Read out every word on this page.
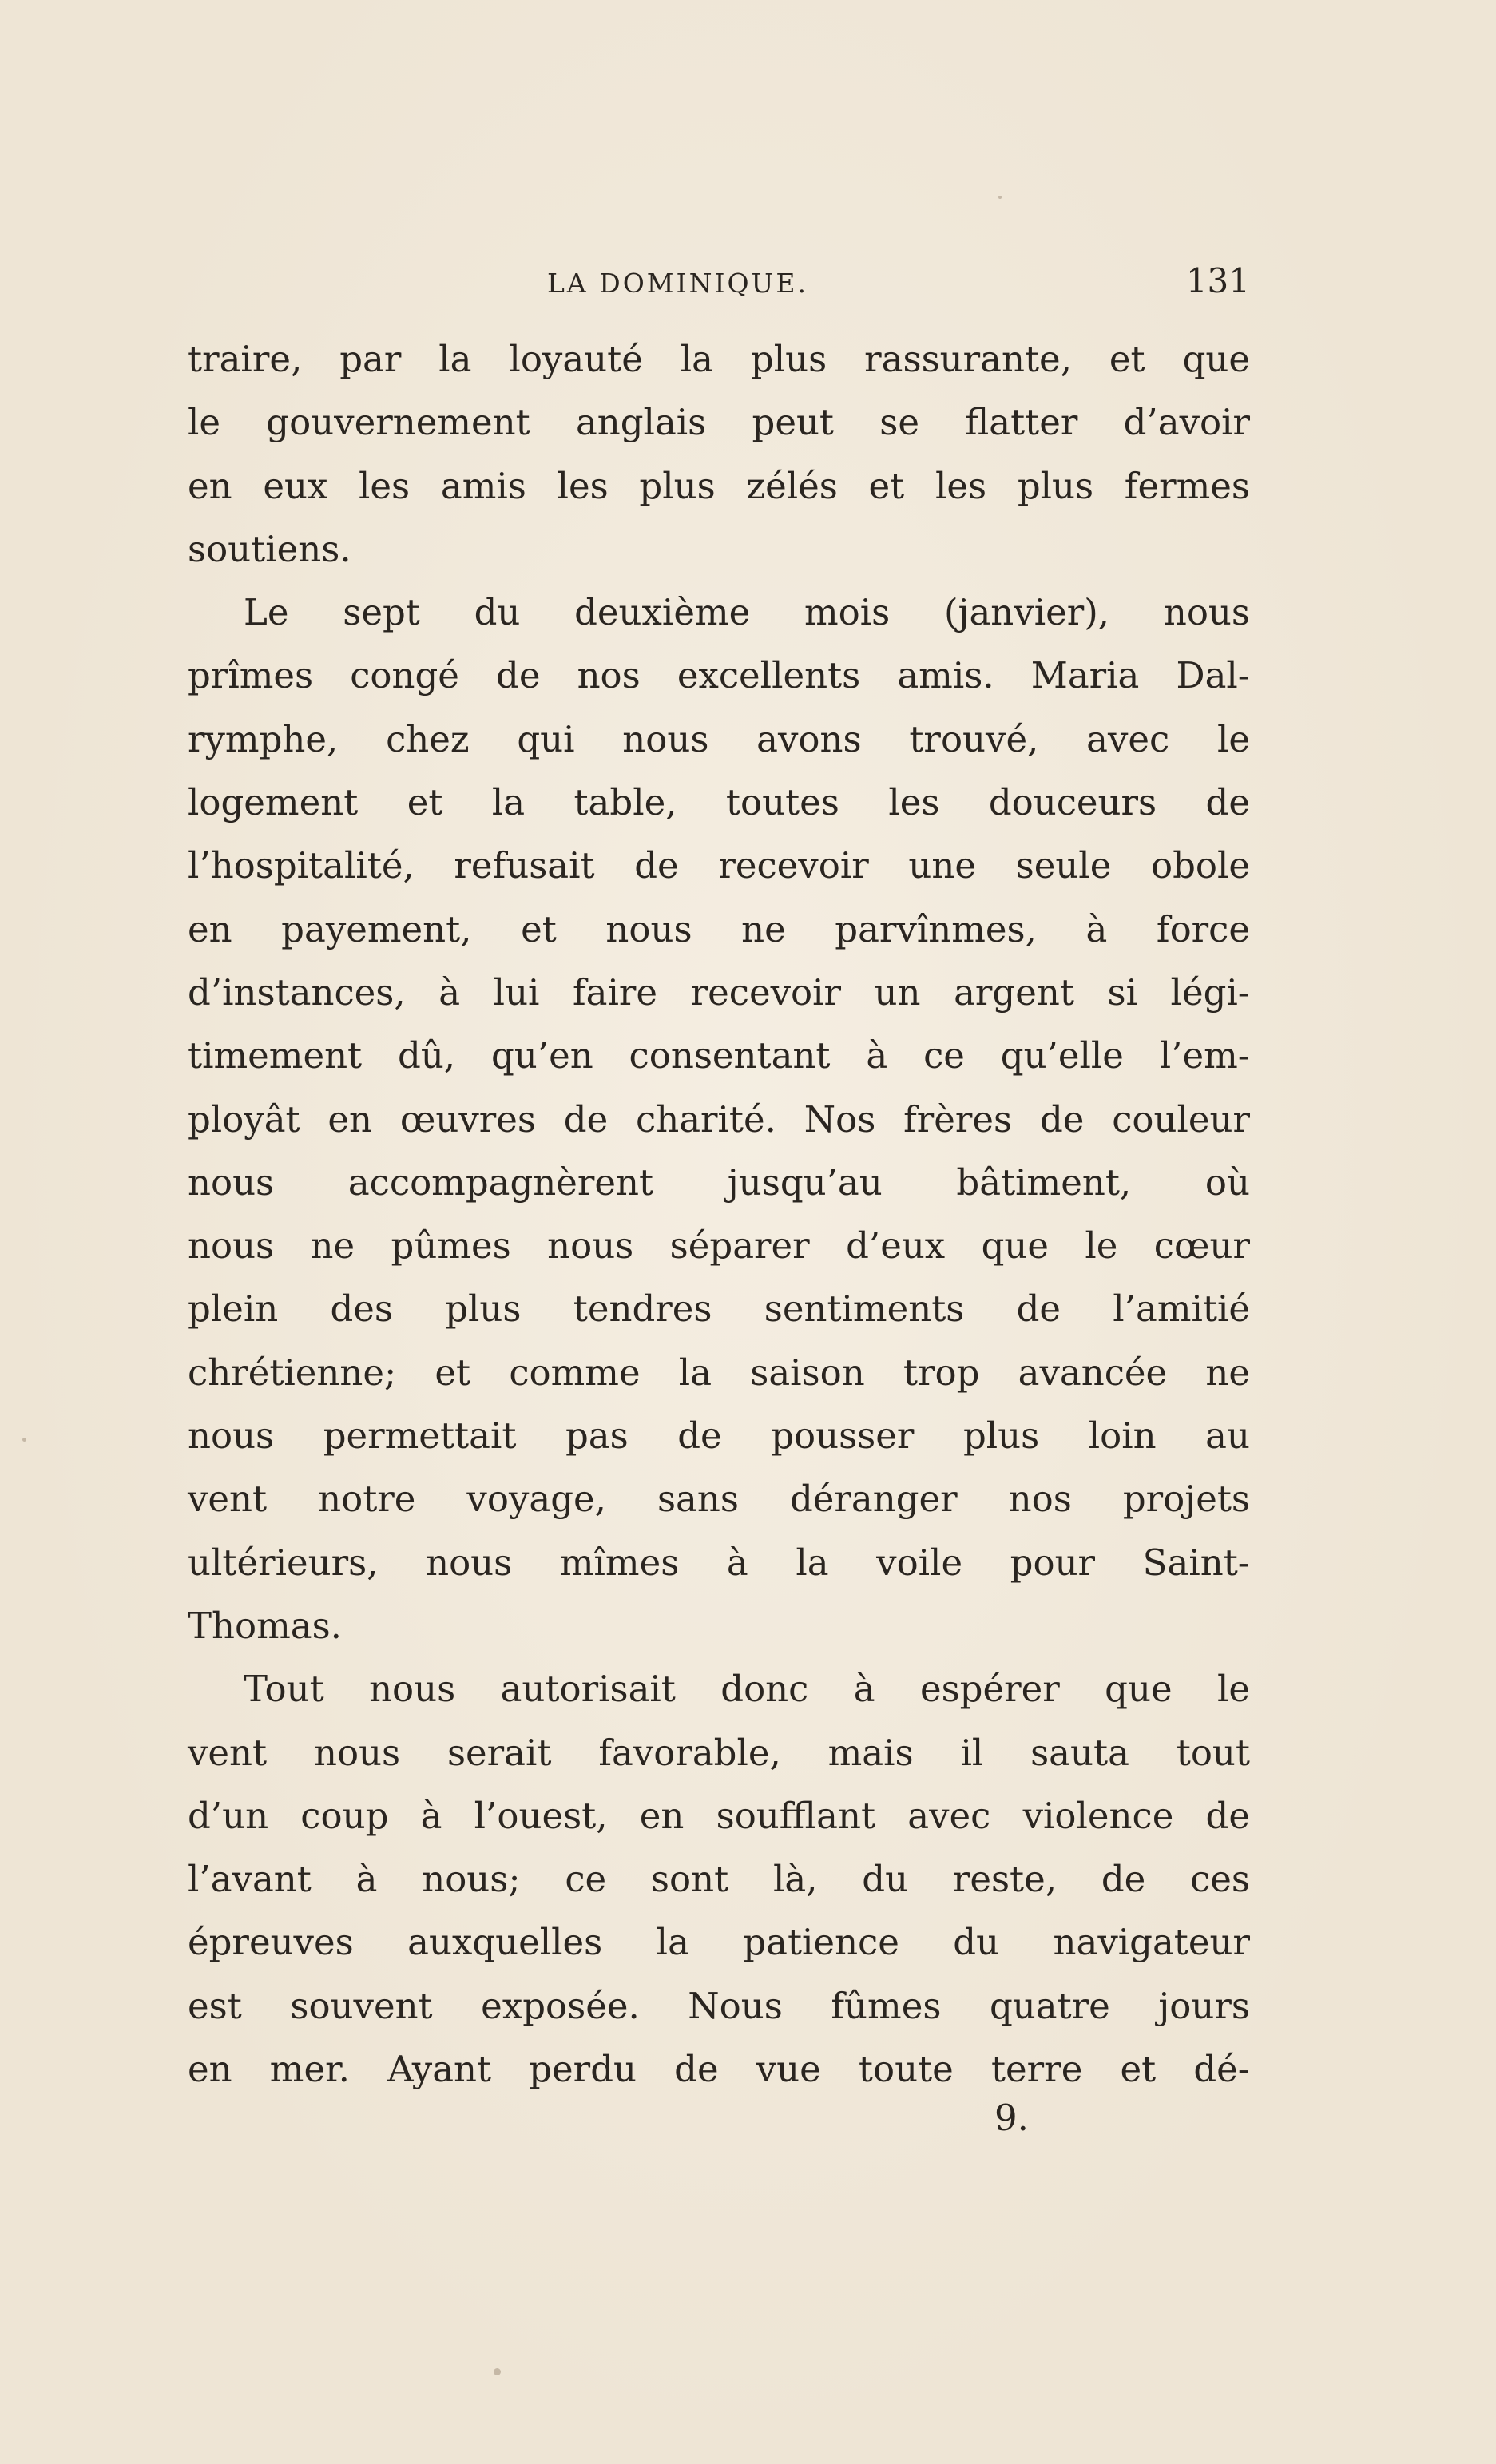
LA DOMINIQUE.	131
traire, par la loyauté la plus rassurante, et que
le gouvernement anglais peut se flatter d’avoir
en eux les amis les plus zélés et les plus fermes
soutiens.
Le sept du deuxième mois (janvier), nous
prîmes congé de nos excellents amis. Maria Dal-
rymphe, chez qui nous avons trouvé, avec le
logement et la table, toutes les douceurs de
l’hospitalité, refusait de recevoir une seule obole
en payement, et nous ne parvînmes, à force
d’instances, à lui faire recevoir un argent si légi-
timement dû, qu’en consentant à ce qu’elle l’em-
ployât en œuvres de charité. Nos frères de couleur
nous accompagnèrent jusqu’au bâtiment, où
nous ne pûmes nous séparer d’eux que le cœur
plein des plus tendres sentiments de l’amitié
chrétienne; et comme la saison trop avancée ne
nous permettait pas de pousser plus loin au
vent notre voyage, sans déranger nos projets
ultérieurs, nous mîmes à la voile pour Saint-
Thomas.
Tout nous autorisait donc à espérer que le
vent nous serait favorable, mais il sauta tout
d’un coup à l’ouest, en soufflant avec violence de
l’avant à nous; ce sont là, du reste, de ces
épreuves auxquelles la patience du navigateur
est souvent exposée. Nous fûmes quatre jours
en mer. Ayant perdu de vue toute terre et dé-
9.
